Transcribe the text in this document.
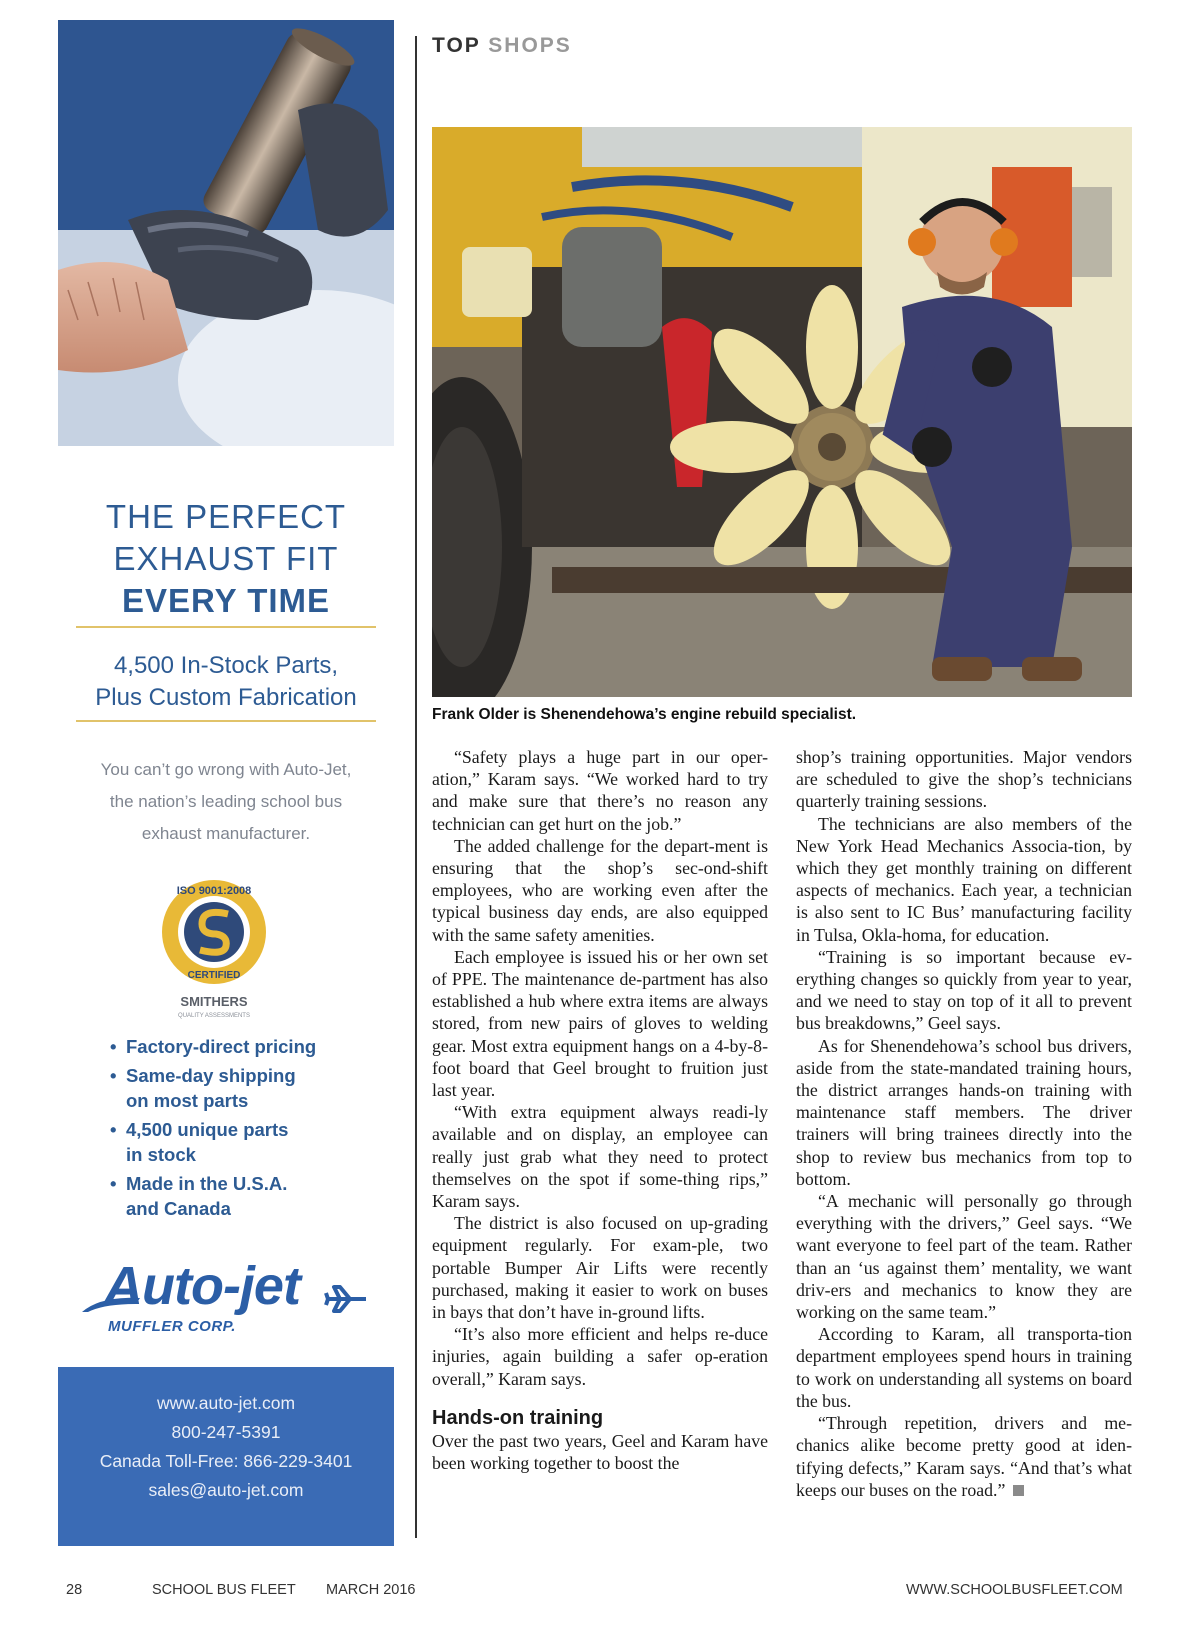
THE PERFECT
EXHAUST FIT
EVERY TIME
4,500 In-Stock Parts,
Plus Custom Fabrication
You can’t go wrong with Auto-Jet,
the nation’s leading school bus
exhaust manufacturer.
ISO 9001:2008
CERTIFIED
SMITHERS
QUALITY ASSESSMENTS
• Factory-direct pricing
• Same-day shipping
on most parts
• 4,500 unique parts
in stock
• Made in the U.S.A.
and Canada
Auto-jet
MUFFLER CORP.
www.auto-jet.com
800-247-5391
Canada Toll-Free: 866-229-3401
sales@auto-jet.com
TOP SHOPS
Frank Older is Shenendehowa’s engine rebuild specialist.

“Safety plays a huge part in our oper-ation,” Karam says. “We worked hard to try and make sure that there’s no reason any technician can get hurt on the job.”

The added challenge for the depart-ment is ensuring that the shop’s sec-ond-shift employees, who are working even after the typical business day ends, are also equipped with the same safety amenities.

Each employee is issued his or her own set of PPE. The maintenance de-partment has also established a hub where extra items are always stored, from new pairs of gloves to welding gear. Most extra equipment hangs on a 4-by-8-foot board that Geel brought to fruition just last year.

“With extra equipment always readi-ly available and on display, an employee can really just grab what they need to protect themselves on the spot if some-thing rips,” Karam says.

The district is also focused on up-grading equipment regularly. For exam-ple, two portable Bumper Air Lifts were recently purchased, making it easier to work on buses in bays that don’t have in-ground lifts.

“It’s also more efficient and helps re-duce injuries, again building a safer op-eration overall,” Karam says.

Hands-on training

Over the past two years, Geel and Karam have been working together to boost the

shop’s training opportunities. Major vendors are scheduled to give the shop’s technicians quarterly training sessions.

The technicians are also members of the New York Head Mechanics Associa-tion, by which they get monthly training on different aspects of mechanics. Each year, a technician is also sent to IC Bus’ manufacturing facility in Tulsa, Okla-homa, for education.

“Training is so important because ev-erything changes so quickly from year to year, and we need to stay on top of it all to prevent bus breakdowns,” Geel says.

As for Shenendehowa’s school bus drivers, aside from the state-mandated training hours, the district arranges hands-on training with maintenance staff members. The driver trainers will bring trainees directly into the shop to review bus mechanics from top to bottom.

“A mechanic will personally go through everything with the drivers,” Geel says. “We want everyone to feel part of the team. Rather than an ‘us against them’ mentality, we want driv-ers and mechanics to know they are working on the same team.”

According to Karam, all transporta-tion department employees spend hours in training to work on understanding all systems on board the bus.

“Through repetition, drivers and me-chanics alike become pretty good at iden-tifying defects,” Karam says. “And that’s what keeps our buses on the road.”

28	SCHOOL BUS FLEET MARCH 2016	WWW.SCHOOLBUSFLEET.COM
